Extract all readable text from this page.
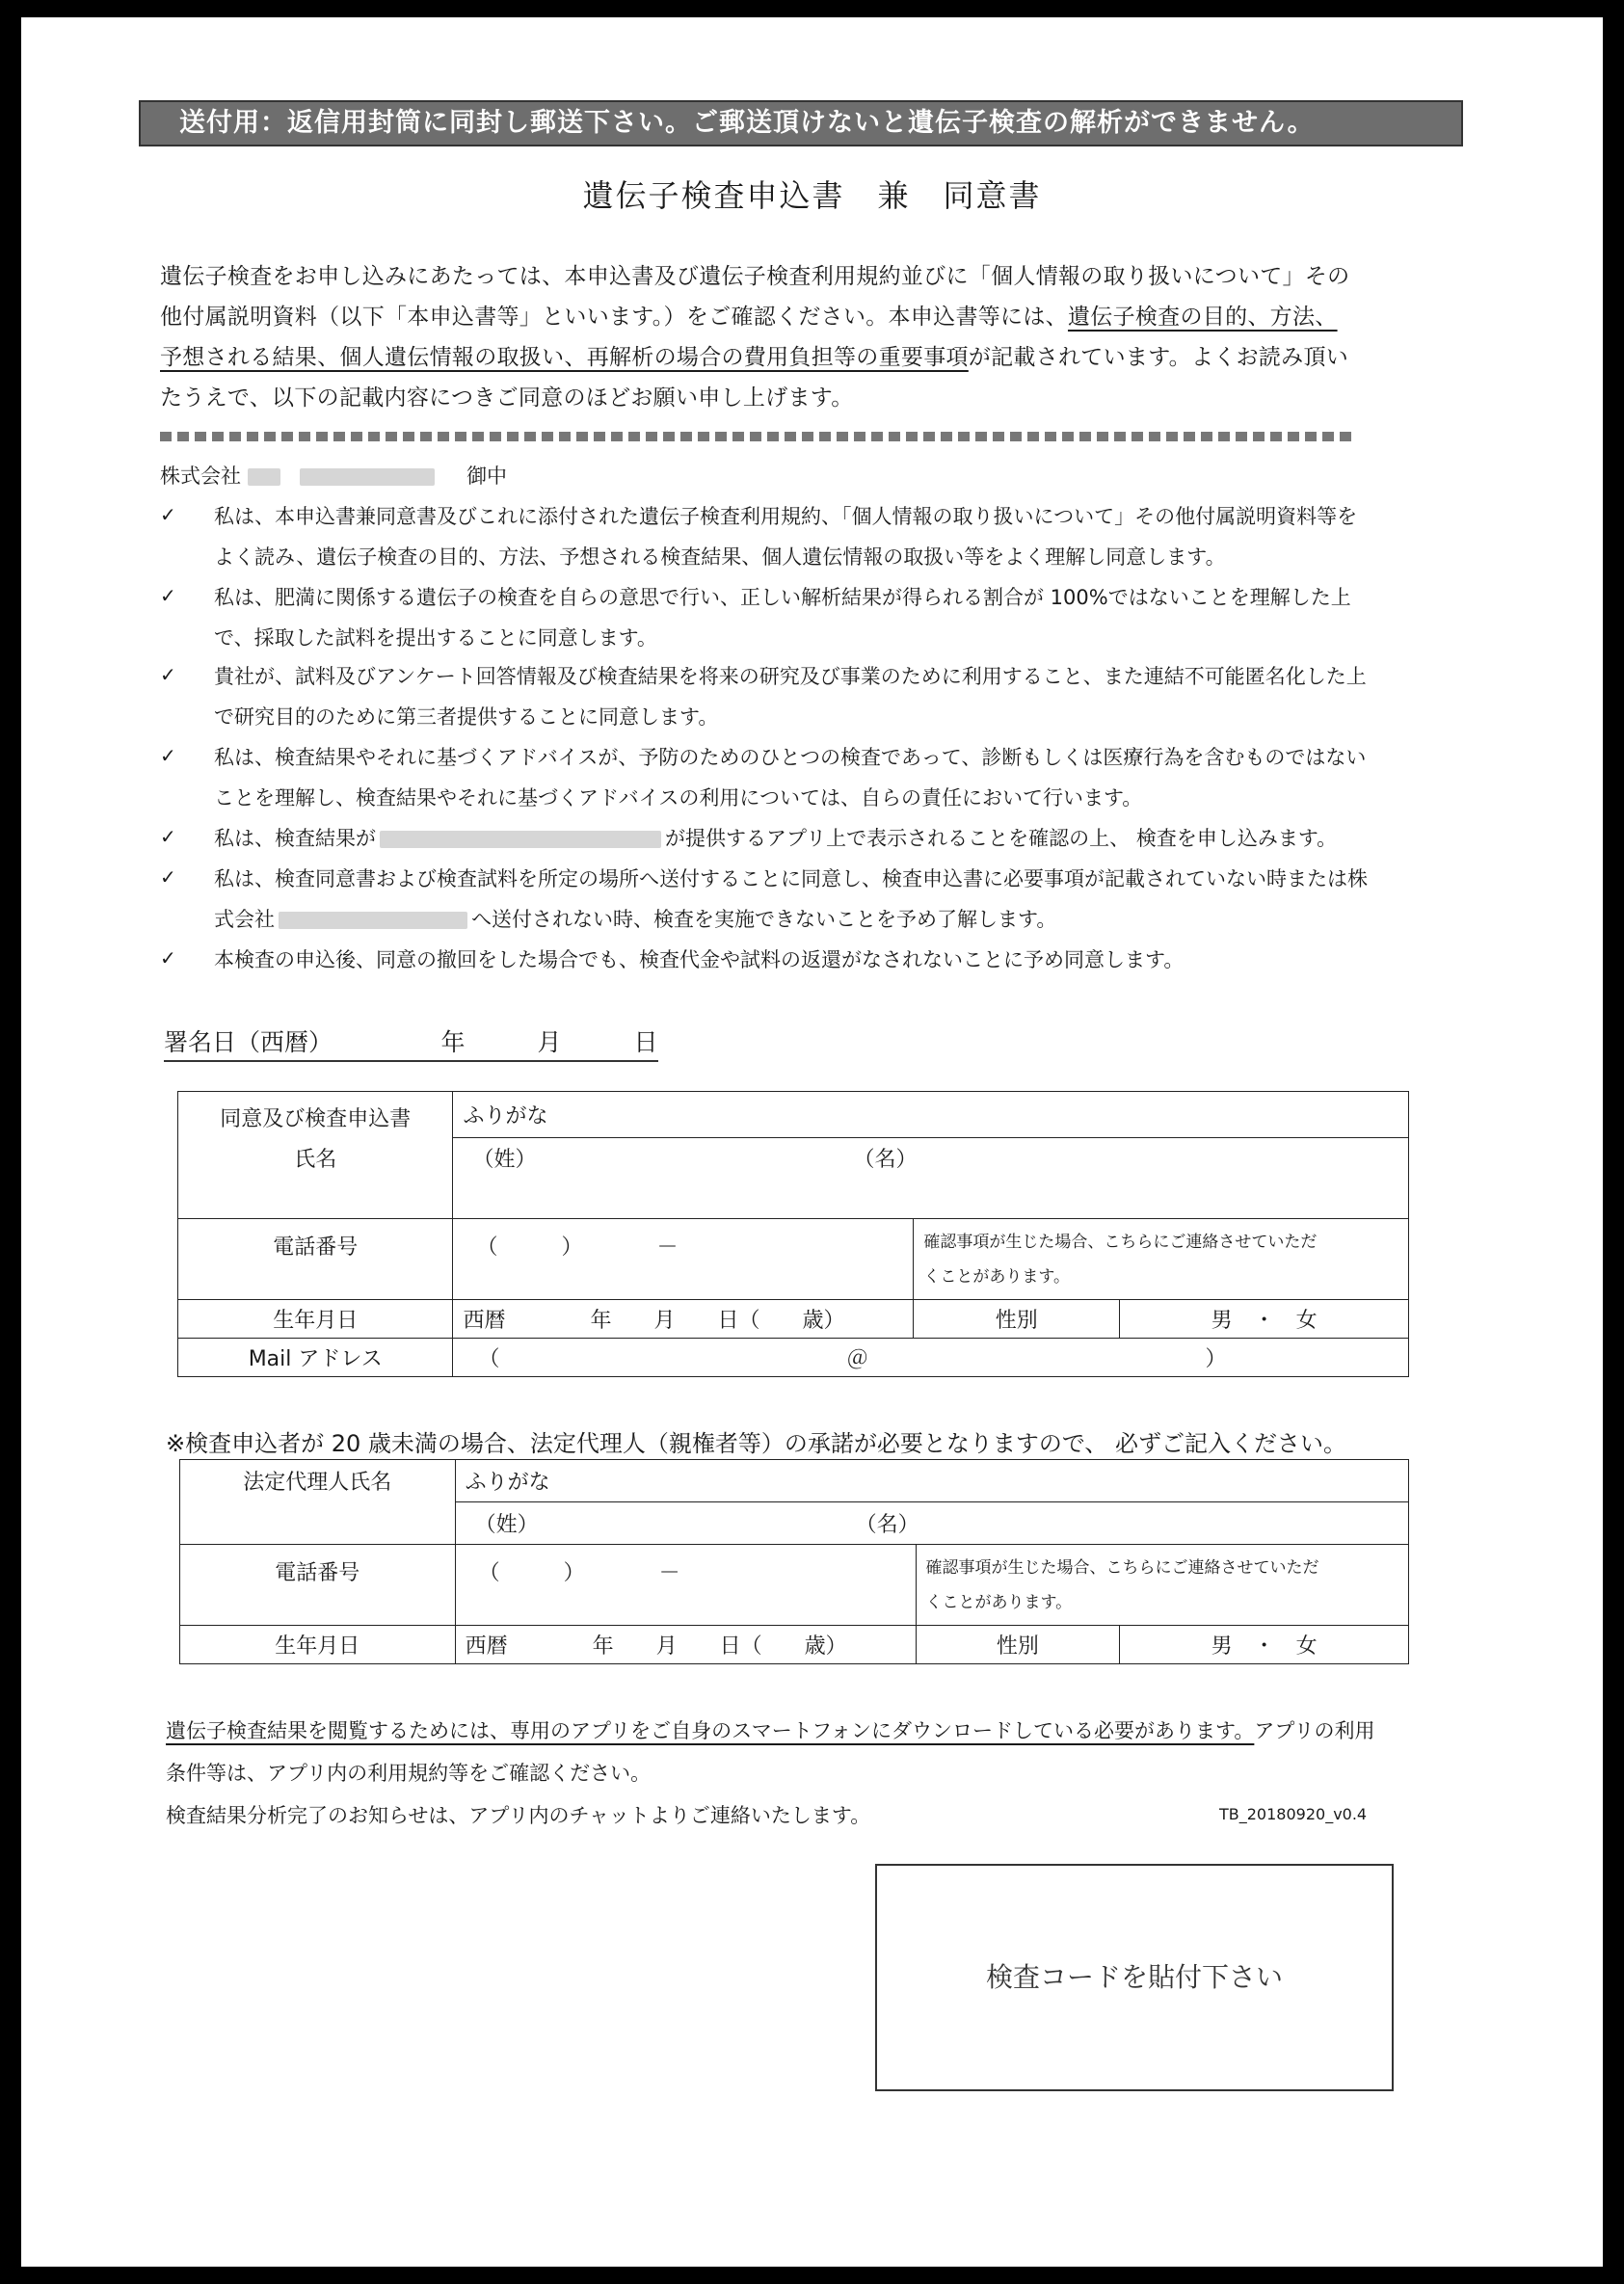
送付用：返信用封筒に同封し郵送下さい。ご郵送頂けないと遺伝子検査の解析ができません。
遺伝子検査申込書　兼　同意書
遺伝子検査をお申し込みにあたっては、本申込書及び遺伝子検査利用規約並びに「個人情報の取り扱いについて」その
他付属説明資料（以下「本申込書等」といいます。）をご確認ください。本申込書等には、遺伝子検査の目的、方法、
予想される結果、個人遺伝情報の取扱い、再解析の場合の費用負担等の重要事項が記載されています。よくお読み頂い
たうえで、以下の記載内容につきご同意のほどお願い申し上げます。
株式会社	御中
✓ 私は、本申込書兼同意書及びこれに添付された遺伝子検査利用規約、「個人情報の取り扱いについて」その他付属説明資料等を
よく読み、遺伝子検査の目的、方法、予想される検査結果、個人遺伝情報の取扱い等をよく理解し同意します。
✓ 私は、肥満に関係する遺伝子の検査を自らの意思で行い、正しい解析結果が得られる割合が 100%ではないことを理解した上
で、採取した試料を提出することに同意します。
✓ 貴社が、試料及びアンケート回答情報及び検査結果を将来の研究及び事業のために利用すること、また連結不可能匿名化した上
で研究目的のために第三者提供することに同意します。
✓ 私は、検査結果やそれに基づくアドバイスが、予防のためのひとつの検査であって、診断もしくは医療行為を含むものではない
ことを理解し、検査結果やそれに基づくアドバイスの利用については、自らの責任において行います。
✓ 私は、検査結果が	が提供するアプリ上で表示されることを確認の上、 検査を申し込みます。
✓ 私は、検査同意書および検査試料を所定の場所へ送付することに同意し、検査申込書に必要事項が記載されていない時または株
式会社	へ送付されない時、検査を実施できないことを予め了解します。
✓ 本検査の申込後、同意の撤回をした場合でも、検査代金や試料の返還がなされないことに予め同意します。
署名日（西暦）　　　　　年　　　月　　　日
同意及び検査申込書
氏名	ふりがな		
	（姓） （名）		

電話番号	（　　　）　　　　－	確認事項が生じた場合、こちらにご連絡させていただ
くことがあります。	

生年月日	西暦　　　　年　　月　　日（　　歳）	性別	男　・　女
Mail アドレス	（ ＠ ）		
※検査申込者が 20 歳未満の場合、法定代理人（親権者等）の承諾が必要となりますので、 必ずご記入ください。
法定代理人氏名	ふりがな		
	（姓） （名）		
電話番号	（　　　）　　　　－	確認事項が生じた場合、こちらにご連絡させていただ
くことがあります。	

生年月日	西暦　　　　年　　月　　日（　　歳）	性別	男　・　女
遺伝子検査結果を閲覧するためには、専用のアプリをご自身のスマートフォンにダウンロードしている必要があります。アプリの利用
条件等は、アプリ内の利用規約等をご確認ください。
検査結果分析完了のお知らせは、アプリ内のチャットよりご連絡いたします。	TB_20180920_v0.4
検査コードを貼付下さい
